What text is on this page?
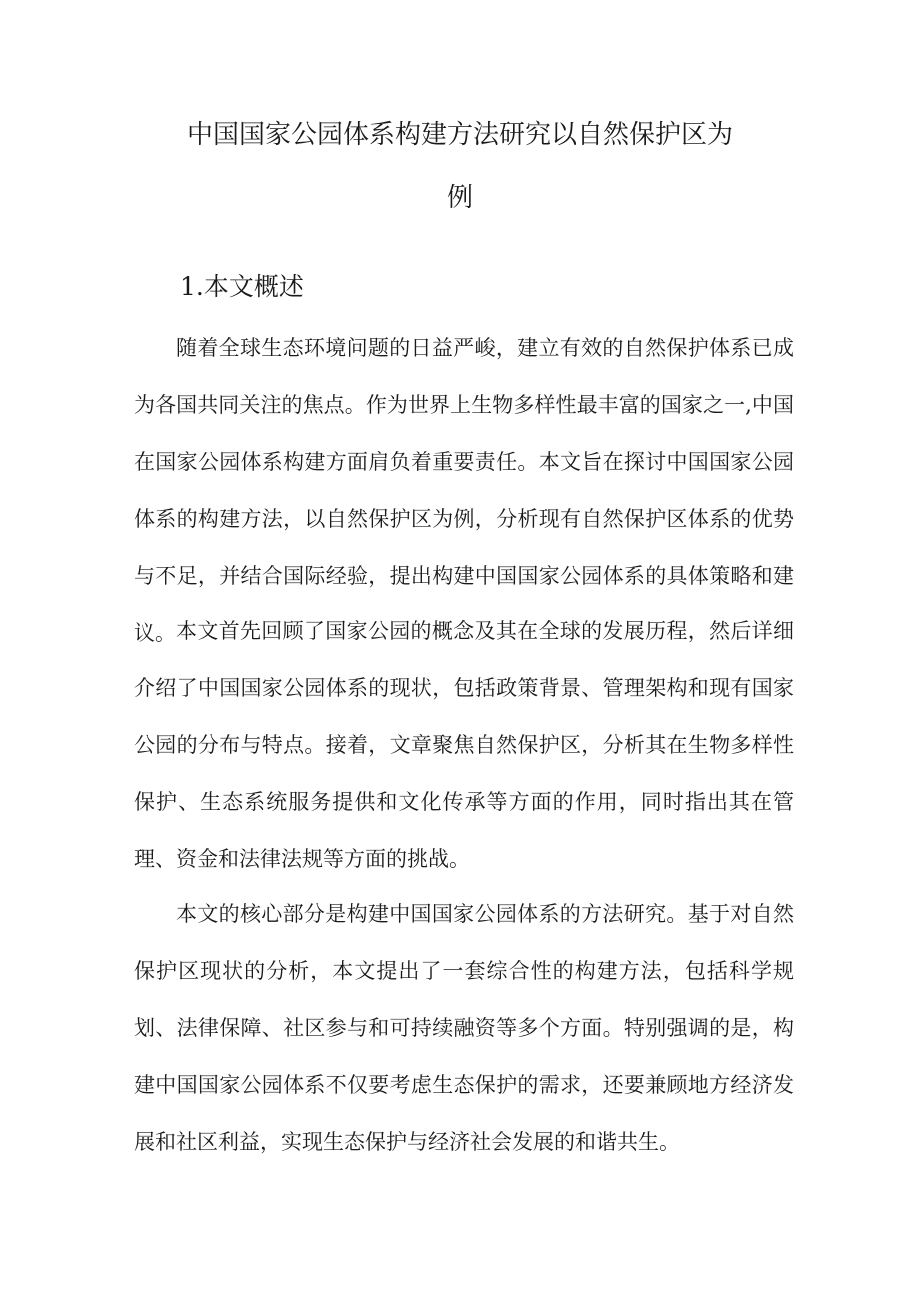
中国国家公园体系构建方法研究以自然保护区为
例
1.本文概述

随着全球生态环境问题的日益严峻，建立有效的自然保护体系已成为各国共同关注的焦点。作为世界上生物多样性最丰富的国家之一,中国在国家公园体系构建方面肩负着重要责任。本文旨在探讨中国国家公园体系的构建方法，以自然保护区为例，分析现有自然保护区体系的优势与不足，并结合国际经验，提出构建中国国家公园体系的具体策略和建议。 本文首先回顾了国家公园的概念及其在全球的发展历程，然后详细介绍了中国国家公园体系的现状，包括政策背景、管理架构和现有国家公园的分布与特点。接着，文章聚焦自然保护区，分析其在生物多样性保护、生态系统服务提供和文化传承等方面的作用，同时指出其在管理、资金和法律法规等方面的挑战。

本文的核心部分是构建中国国家公园体系的方法研究。基于对自然保护区现状的分析，本文提出了一套综合性的构建方法，包括科学规划、法律保障、社区参与和可持续融资等多个方面。特别强调的是，构建中国国家公园体系不仅要考虑生态保护的需求，还要兼顾地方经济发展和社区利益，实现生态保护与经济社会发展的和谐共生。
